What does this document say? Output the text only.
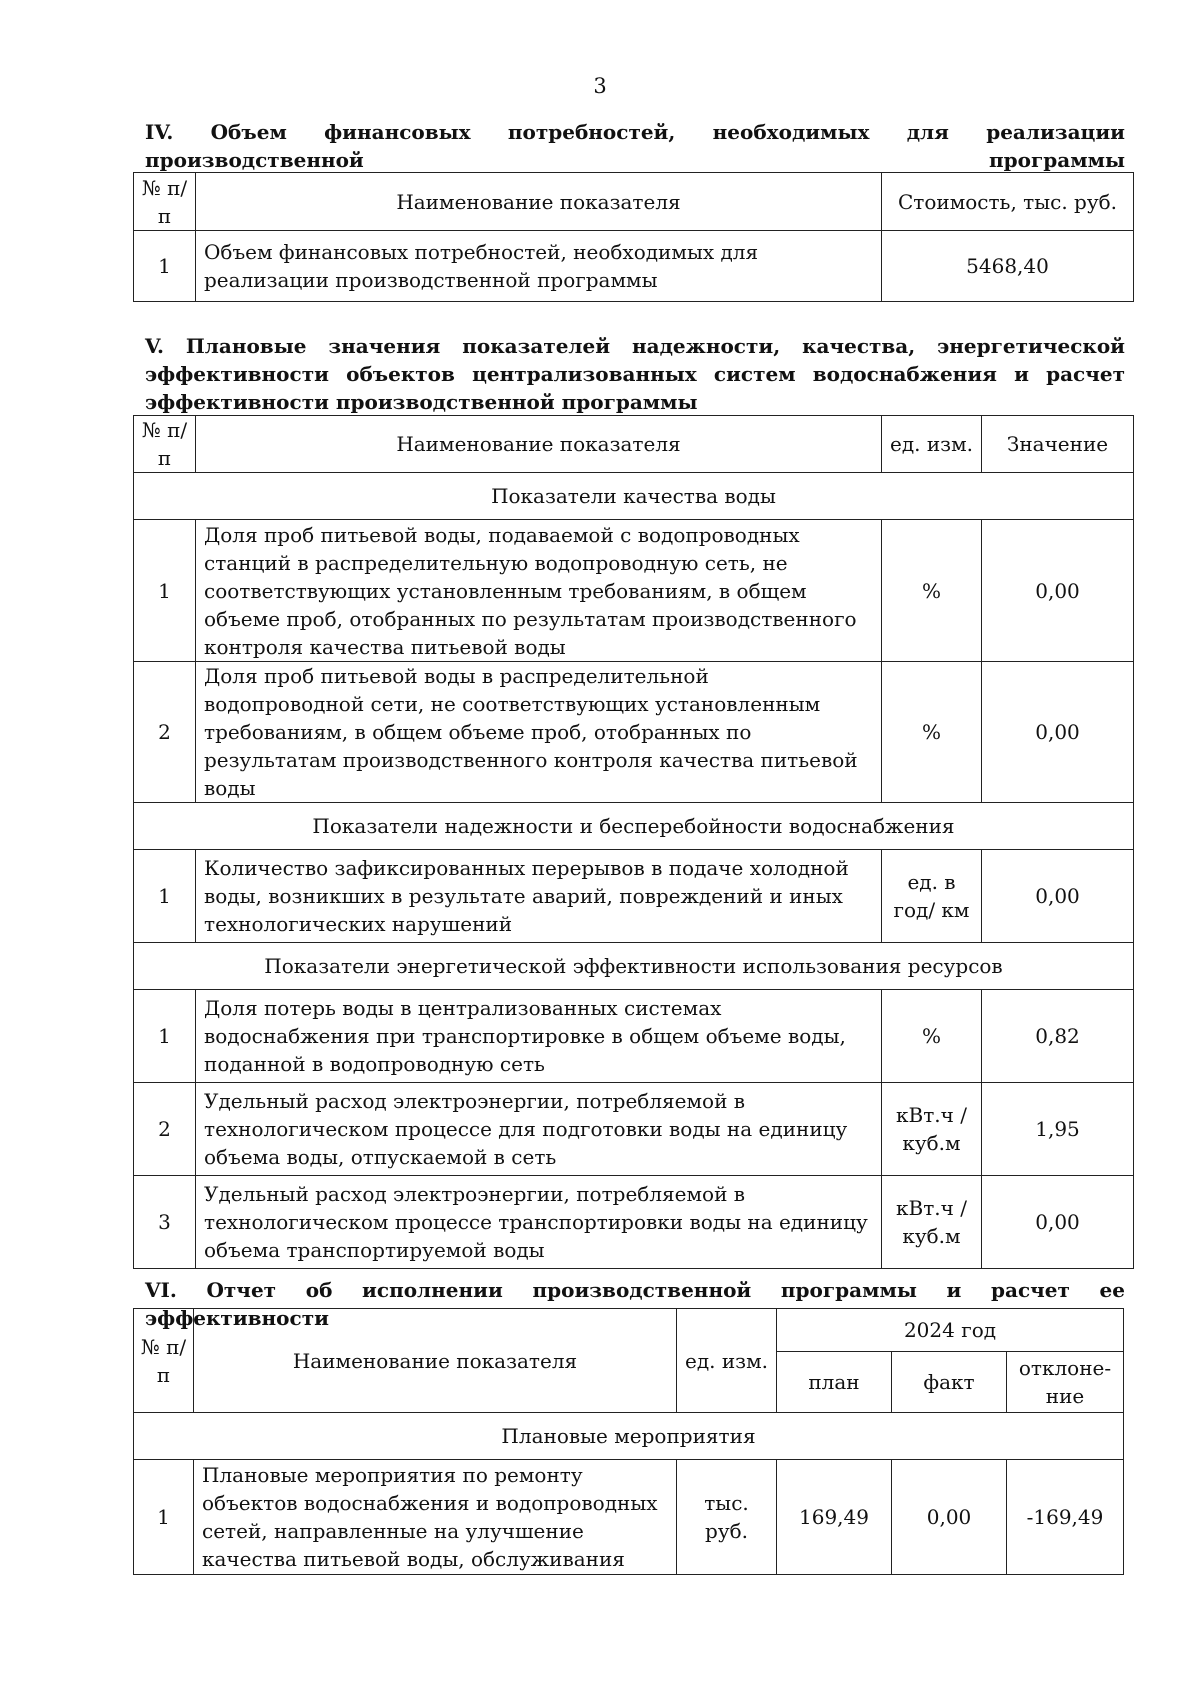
3
IV. Объем финансовых потребностей, необходимых для реализации производственной программы
№ п/п	Наименование показателя	Стоимость, тыс. руб.
1	Объем финансовых потребностей, необходимых для реализации производственной программы	5468,40
V. Плановые значения показателей надежности, качества, энергетической
эффективности объектов централизованных систем водоснабжения и расчет
эффективности производственной программы
№ п/п	Наименование показателя	ед. изм.	Значение
Показатели качества воды			
1	Доля проб питьевой воды, подаваемой с водопроводных станций в распределительную водопроводную сеть, не соответствующих установленным требованиям, в общем объеме проб, отобранных по результатам производственного контроля качества питьевой воды	%	0,00
2	Доля проб питьевой воды в распределительной водопроводной сети, не соответствующих установленным требованиям, в общем объеме проб, отобранных по результатам производственного контроля качества питьевой воды	%	0,00
Показатели надежности и бесперебойности водоснабжения			
1	Количество зафиксированных перерывов в подаче холодной воды, возникших в результате аварий, повреждений и иных технологических нарушений	ед. в год/ км	0,00
Показатели энергетической эффективности использования ресурсов			
1	Доля потерь воды в централизованных системах водоснабжения при транспортировке в общем объеме воды, поданной в водопроводную сеть	%	0,82
2	Удельный расход электроэнергии, потребляемой в технологическом процессе для подготовки воды на единицу объема воды, отпускаемой в сеть	кВт.ч / куб.м	1,95
3	Удельный расход электроэнергии, потребляемой в технологическом процессе транспортировки воды на единицу объема транспортируемой воды	кВт.ч / куб.м	0,00
VI. Отчет об исполнении производственной программы и расчет ее эффективности
№ п/п	Наименование показателя	ед. изм.	2024 год		
			план	факт	отклоне-ние
Плановые мероприятия					
1	Плановые мероприятия по ремонту объектов водоснабжения и водопроводных сетей, направленные на улучшение качества питьевой воды, обслуживания	тыс. руб.	169,49	0,00	-169,49
